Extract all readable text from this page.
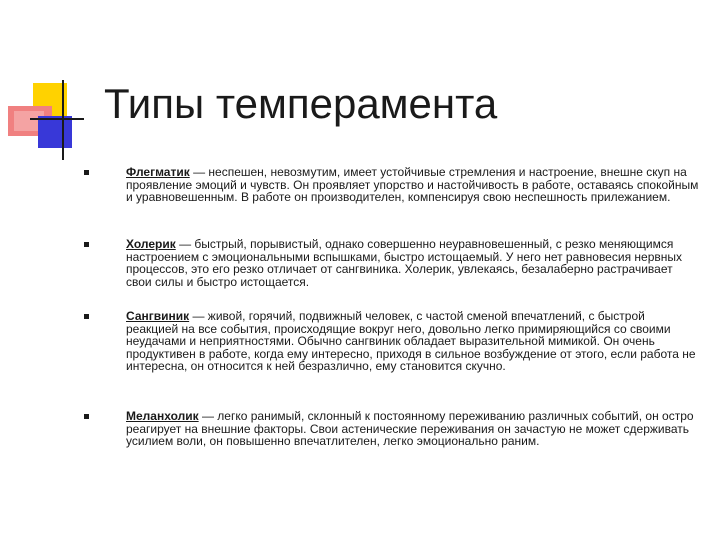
Типы темперамента
Флегматик — неспешен, невозмутим, имеет устойчивые стремления и настроение, внешне скуп на проявление эмоций и чувств. Он проявляет упорство и настойчивость в работе, оставаясь спокойным и уравновешенным. В работе он производителен, компенсируя свою неспешность прилежанием.
Холерик — быстрый, порывистый, однако совершенно неуравновешенный, с резко меняющимся настроением с эмоциональными вспышками, быстро истощаемый. У него нет равновесия нервных процессов, это его резко отличает от сангвиника. Холерик, увлекаясь, безалаберно растрачивает свои силы и быстро истощается.
Сангвиник — живой, горячий, подвижный человек, с частой сменой впечатлений, с быстрой реакцией на все события, происходящие вокруг него, довольно легко примиряющийся со своими неудачами и неприятностями. Обычно сангвиник обладает выразительной мимикой. Он очень продуктивен в работе, когда ему интересно, приходя в сильное возбуждение от этого, если работа не интересна, он относится к ней безразлично, ему становится скучно.
Меланхолик — легко ранимый, склонный к постоянному переживанию различных событий, он остро реагирует на внешние факторы. Свои астенические переживания он зачастую не может сдерживать усилием воли, он повышенно впечатлителен, легко эмоционально раним.
